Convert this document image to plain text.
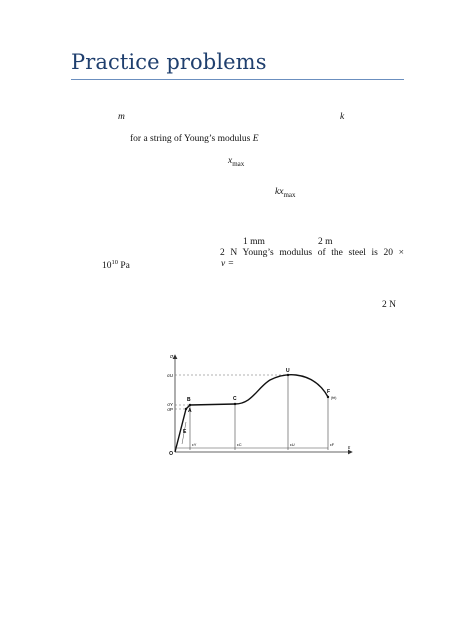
Practice problems
m	k
for a string of Young’s modulus E
$x_{max}$
$kx_{max}$
1 mm	2 m
2 N Young’s modulus of the steel is 20 ×
$10^{10}$ Pa	ν =
2 N
σ
ε
O
σU
σY
σP	A
B	C
U
E
F
(frt)
εY	εC	εU	εF
